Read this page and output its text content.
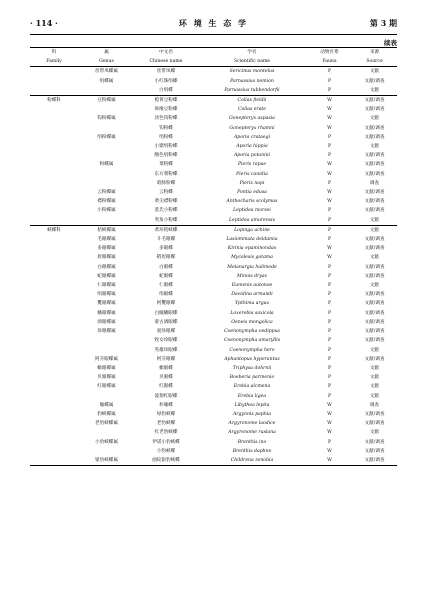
· 114 ·	环 境 生 态 学	第 3 期
续表
科	属	中文名	学名	动物区系	来源
Family	Genus	Chinese name	Scientific name	Fauna	Source
	丝带凤蝶属	丝带凤蝶	Sericinus montelus	P	文献
	绢蝶属	小红珠绢蝶	Parnassius nomion	P	文献/调查
		白绢蝶	Parnassius tubbendorfii	P	文献
粉蝶科	豆粉蝶属	橙黄豆粉蝶	Colias fieldii	W	文献/调查
		斑缘豆粉蝶	Colias erate	W	文献/调查
	钩粉蝶属	淡色钩粉蝶	Gonepteryx aspasia	W	文献
		钩粉蝶	Gonepteryx rhamni	W	文献/调查
	绢粉蝶属	绢粉蝶	Aporia crataegi	P	文献/调查
		小檗绢粉蝶	Aporia hippia	P	文献
		酪色绢粉蝶	Aporia potanini	P	文献/调查
	粉蝶属	菜粉蝶	Pieris rapae	W	文献/调查
		东方菜粉蝶	Pieris canidia	W	文献/调查
		暗脉粉蝶	Pieris napi	P	调查
	云粉蝶属	云粉蝶	Pontia edusa	W	文献/调查
	襟粉蝶属	黄尖襟粉蝶	Anthocharis scolymus	W	文献/调查
	小粉蝶属	莫氏小粉蝶	Leptidea morsei	P	文献/调查
		突角小粉蝶	Leptidea amurensis	P	文献
蛱蝶科	秸蛱蝶属	黄环秸蛱蝶	Lopinga achine	P	文献
	毛眼蝶属	斗毛眼蝶	Lasiommata deidamia	P	文献/调查
	多眼蝶属	多眼蝶	Kirinia epaminondas	W	文献/调查
	眉眼蝶属	稻眉眼蝶	Mycalesis gotama	W	文献
	白眼蝶属	白眼蝶	Melanargia halimede	P	文献/调查
	蛇眼蝶属	蛇眼蝶	Minois dryas	P	文献/调查
	仁眼蝶属	仁眼蝶	Eumenis autonoe	P	文献
	绢眼蝶属	绢眼蝶	Davidina armandi	P	文献/调查
	矍眼蝶属	阿矍眼蝶	Ypthima argus	P	文献/调查
	蟠眼蝶属	白瞳蟠眼蝶	Loxerebia saxicola	P	文献/调查
	酒眼蝶属	蒙古酒眼蝶	Oeneis mongolica	P	文献/调查
	珍眼蝶属	爱珍眼蝶	Coenonympha oedippus	P	文献/调查
		牧女珍眼蝶	Coenonympha amaryllis	P	文献/调查
		英雄珍眼蝶	Coenonympha hero	P	文献
	阿芬眼蝶属	阿芬眼蝶	Aphantopus hyperantus	P	文献/调查
	蟾眼蝶属	蟾眼蝶	Triphysa dohrnii	P	文献
	贝眼蝶属	贝眼蝶	Boeberia parmenio	P	文献
	红眼蝶属	红眼蝶	Erebia alcmena	P	文献
		波翅红眼蝶	Erebia ligea	P	文献
	喙蝶属	朴喙蝶	Libythea lepita	W	调查
	豹蛱蝶属	绿豹蛱蝶	Argynnis paphia	W	文献/调查
	老豹蛱蝶属	老豹蛱蝶	Argyronome laodice	W	文献/调查
		红老豹蛱蝶	Argyronome ruslana	W	文献
	小豹蛱蝶属	伊诺小豹蛱蝶	Brenthis ino	P	文献/调查
		小豹蛱蝶	Brenthis daphne	W	文献/调查
	银豹蛱蝶属	曲纹银豹蛱蝶	Childrena zenobia	W	文献/调查
